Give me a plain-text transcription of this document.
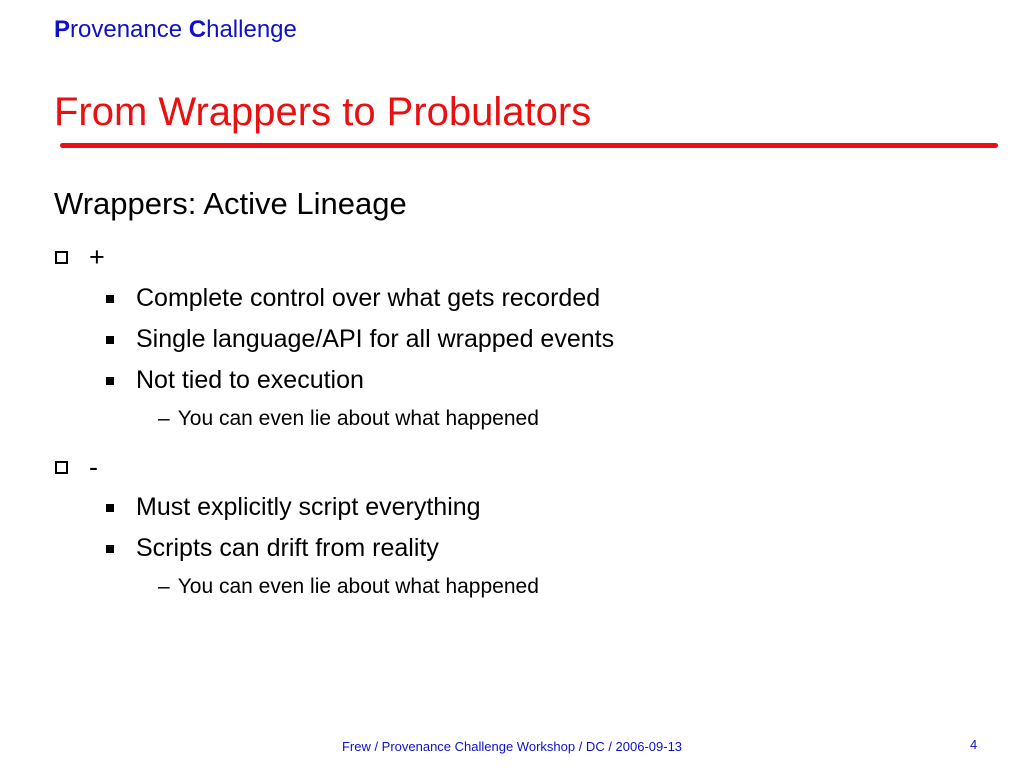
Provenance Challenge
From Wrappers to Probulators
Wrappers: Active Lineage
+
Complete control over what gets recorded
Single language/API for all wrapped events
Not tied to execution
– You can even lie about what happened
-
Must explicitly script everything
Scripts can drift from reality
– You can even lie about what happened
Frew / Provenance Challenge Workshop / DC / 2006-09-13	4
